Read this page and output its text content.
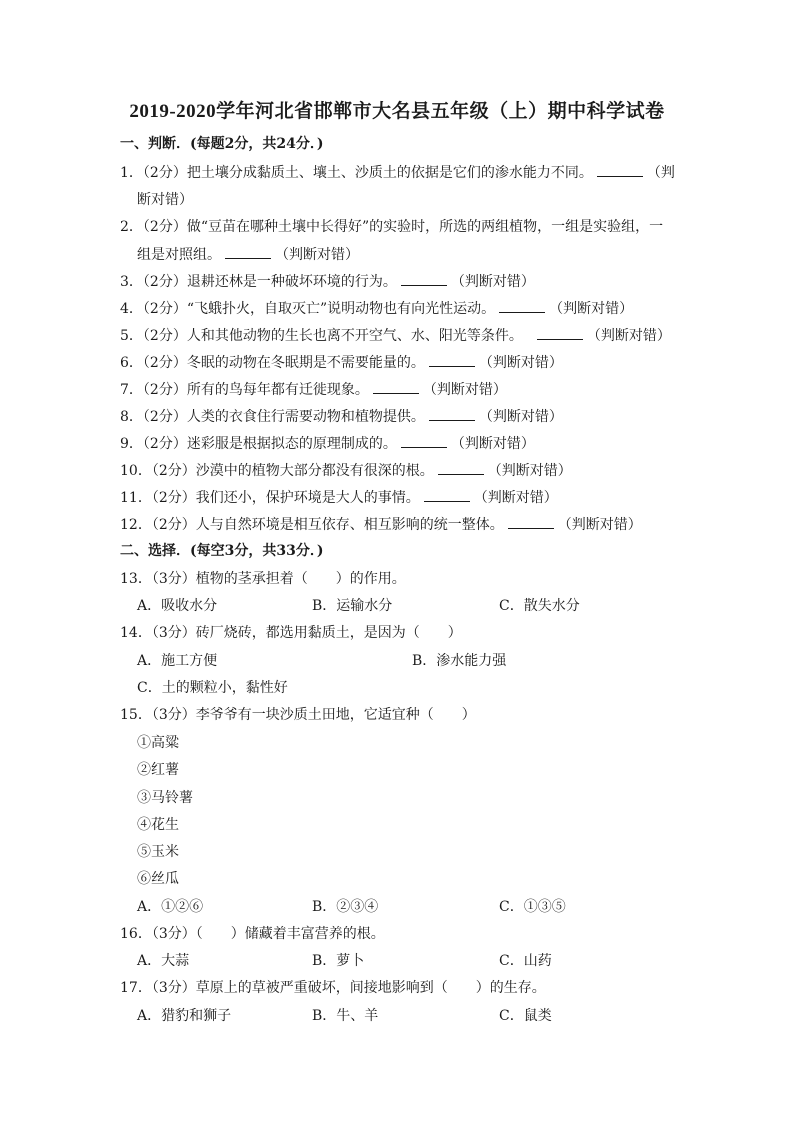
2019-2020学年河北省邯郸市大名县五年级（上）期中科学试卷
一、判断．(每题2分，共24分．)
1．（2分）把土壤分成黏质土、壤土、沙质土的依据是它们的渗水能力不同。	（判
断对错）
2．（2分）做“豆苗在哪种土壤中长得好”的实验时，所选的两组植物，一组是实验组，一
组是对照组。	（判断对错）
3．（2分）退耕还林是一种破坏环境的行为。	（判断对错）
4．（2分）“飞蛾扑火，自取灭亡”说明动物也有向光性运动。	（判断对错）
5．（2分）人和其他动物的生长也离不开空气、水、阳光等条件。	（判断对错）
6．（2分）冬眠的动物在冬眠期是不需要能量的。	（判断对错）
7．（2分）所有的鸟每年都有迁徙现象。	（判断对错）
8．（2分）人类的衣食住行需要动物和植物提供。	（判断对错）
9．（2分）迷彩服是根据拟态的原理制成的。	（判断对错）
10．（2分）沙漠中的植物大部分都没有很深的根。	（判断对错）
11．（2分）我们还小，保护环境是大人的事情。	（判断对错）
12．（2分）人与自然环境是相互依存、相互影响的统一整体。	（判断对错）
二、选择．(每空3分，共33分．)
13．（3分）植物的茎承担着（　　）的作用。
A．吸收水分	B．运输水分	C．散失水分
14．（3分）砖厂烧砖，都选用黏质土，是因为（　　）
A．施工方便	B．渗水能力强
C．土的颗粒小，黏性好
15．（3分）李爷爷有一块沙质土田地，它适宜种（　　）
①高粱
②红薯
③马铃薯
④花生
⑤玉米
⑥丝瓜
A．①②⑥	B．②③④	C．①③⑤
16．（3分）（　　）储藏着丰富营养的根。
A．大蒜	B．萝卜	C．山药
17．（3分）草原上的草被严重破坏，间接地影响到（　　）的生存。
A．猎豹和狮子	B．牛、羊	C．鼠类
